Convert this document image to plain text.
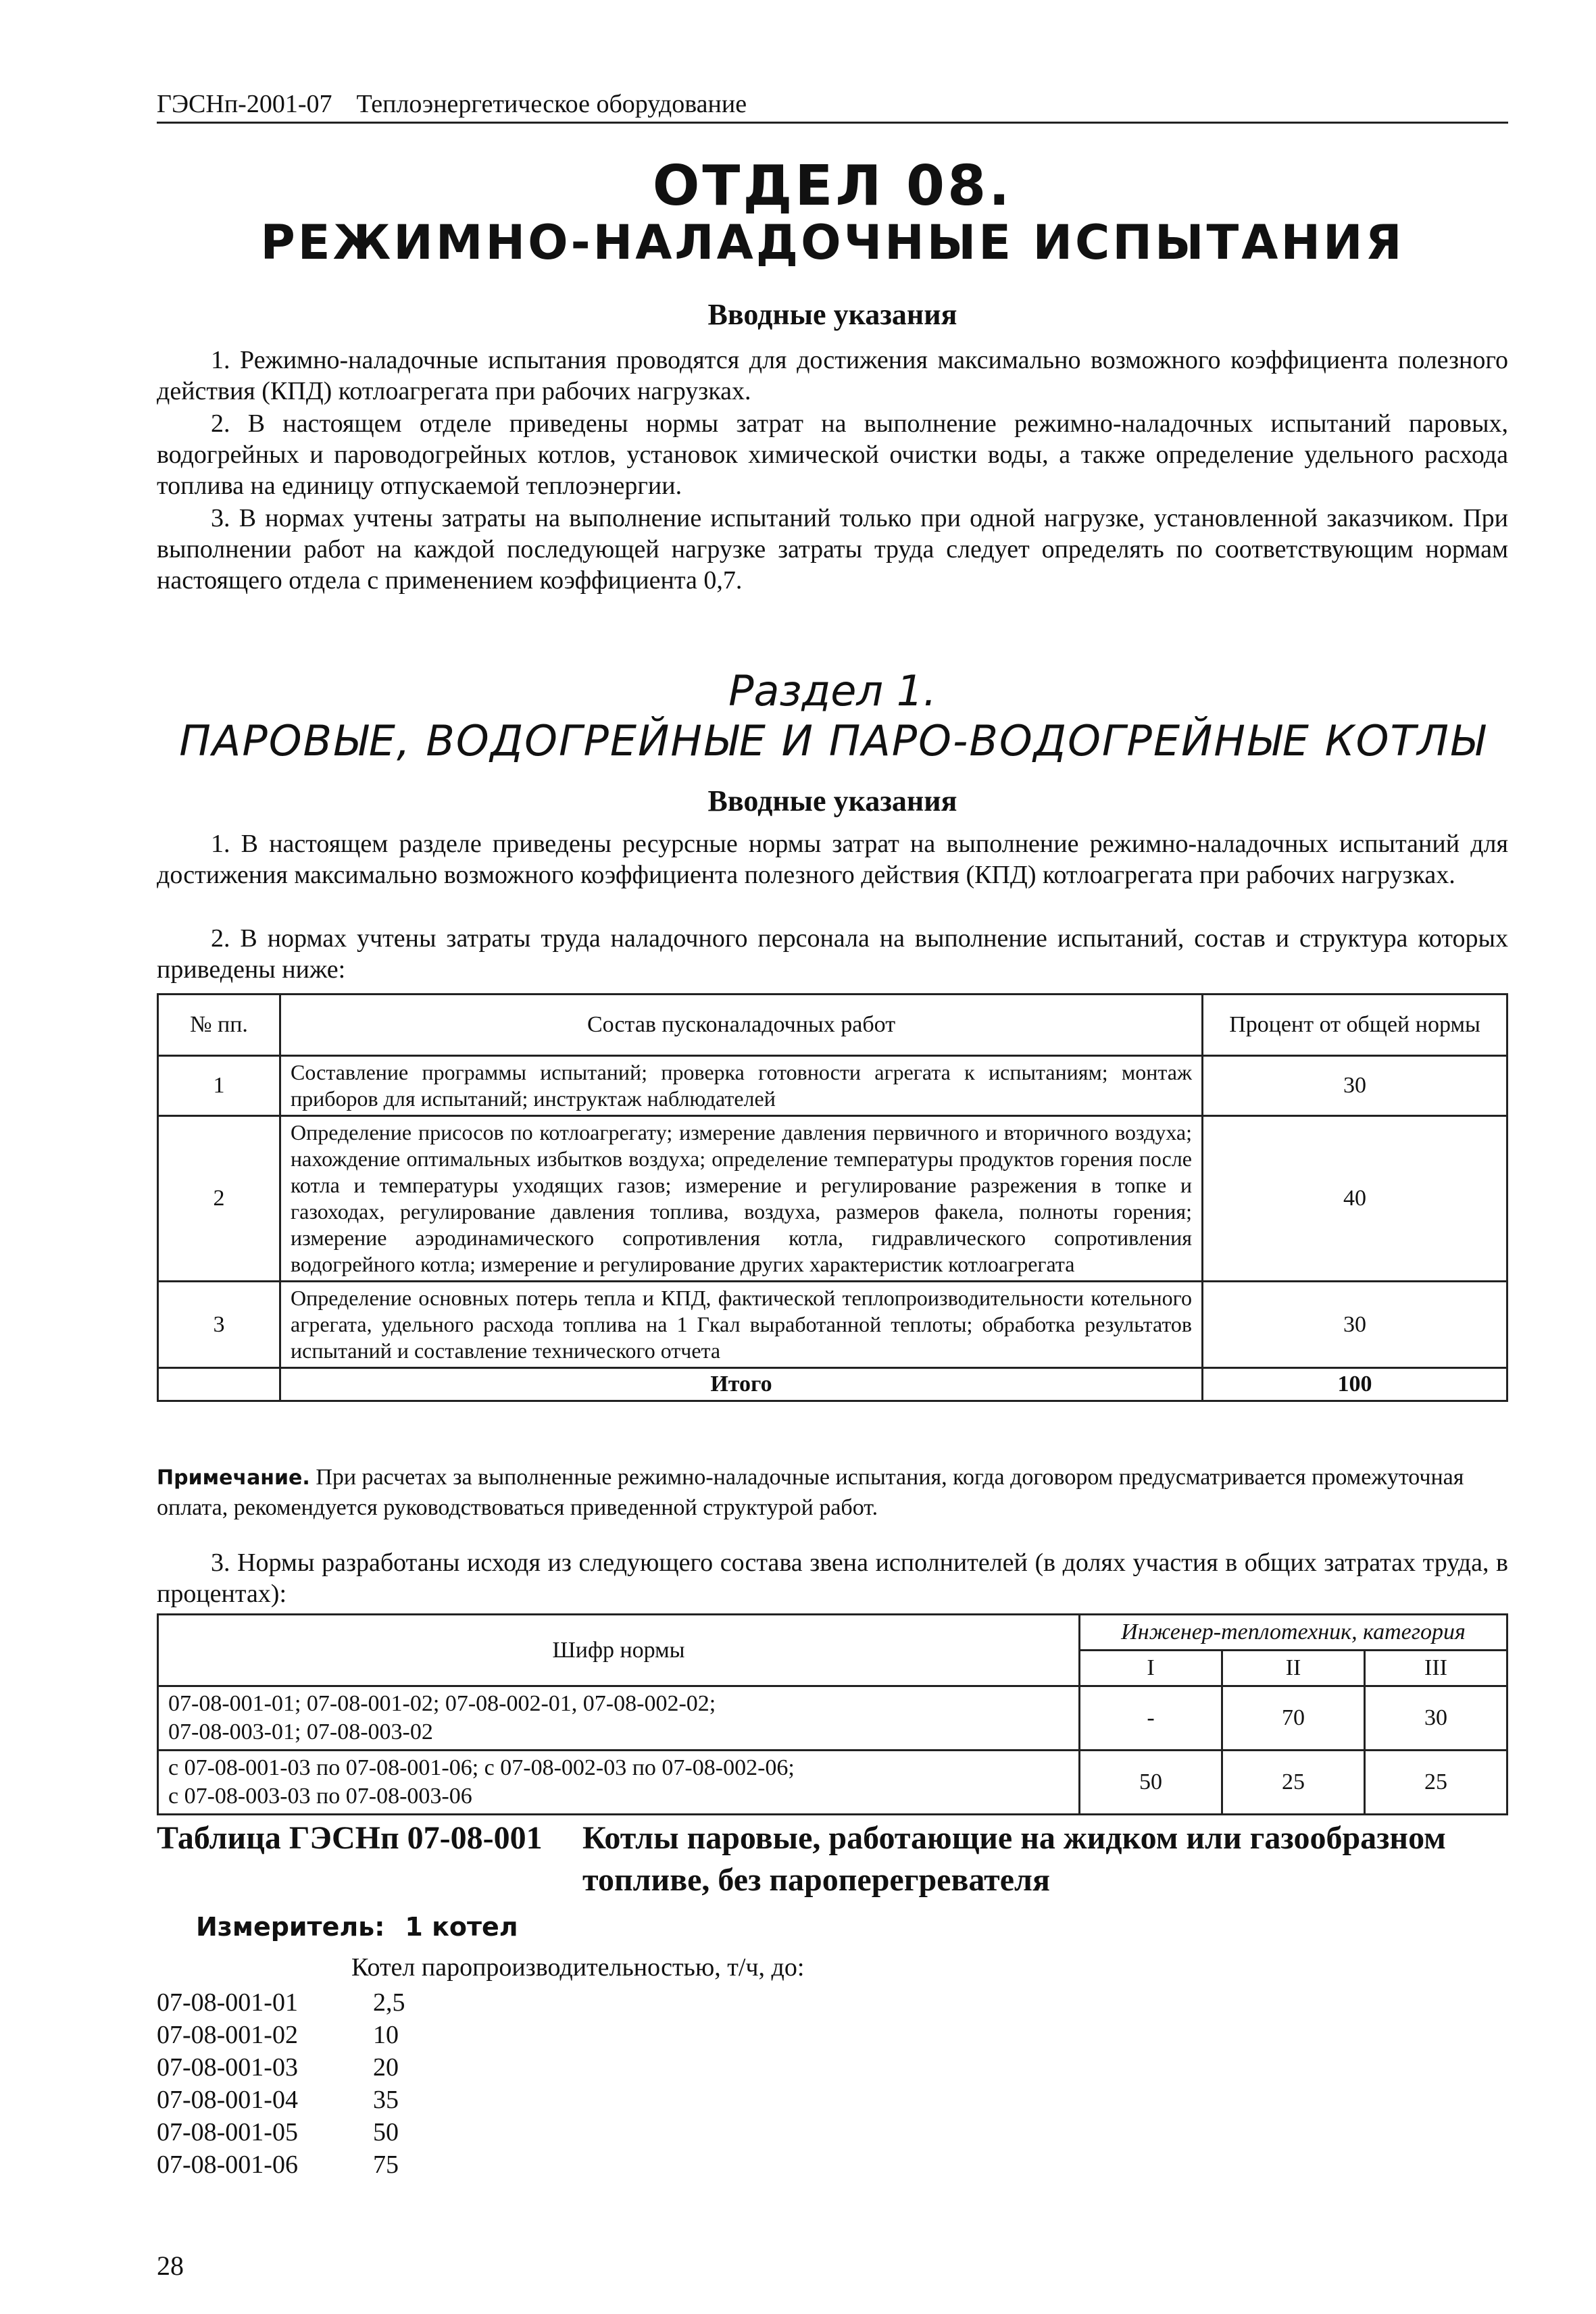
ГЭСНп-2001-07 Теплоэнергетическое оборудование
ОТДЕЛ 08.
РЕЖИМНО-НАЛАДОЧНЫЕ ИСПЫТАНИЯ
Вводные указания
1. Режимно-наладочные испытания проводятся для достижения максимально возможного коэффициента полезного действия (КПД) котлоагрегата при рабочих нагрузках.
2. В настоящем отделе приведены нормы затрат на выполнение режимно-наладочных испытаний паровых, водогрейных и пароводогрейных котлов, установок химической очистки воды, а также определение удельного расхода топлива на единицу отпускаемой теплоэнергии.
3. В нормах учтены затраты на выполнение испытаний только при одной нагрузке, установленной заказчиком. При выполнении работ на каждой последующей нагрузке затраты труда следует определять по соответствующим нормам настоящего отдела с применением коэффициента 0,7.
Раздел 1.
ПАРОВЫЕ, ВОДОГРЕЙНЫЕ И ПАРО-ВОДОГРЕЙНЫЕ КОТЛЫ
Вводные указания
1. В настоящем разделе приведены ресурсные нормы затрат на выполнение режимно-наладочных испытаний для достижения максимально возможного коэффициента полезного действия (КПД) котлоагрегата при рабочих нагрузках.
2. В нормах учтены затраты труда наладочного персонала на выполнение испытаний, состав и структура которых приведены ниже:
№ пп.	Состав пусконаладочных работ	Процент от общей нормы
1	Составление программы испытаний; проверка готовности агрегата к испытаниям; монтаж приборов для испытаний; инструктаж наблюдателей	30
2	Определение присосов по котлоагрегату; измерение давления первичного и вторичного воздуха; нахождение оптимальных избытков воздуха; определение температуры продуктов горения после котла и температуры уходящих газов; измерение и регулирование разрежения в топке и газоходах, регулирование давления топлива, воздуха, размеров факела, полноты горения; измерение аэродинамического сопротивления котла, гидравлического сопротивления водогрейного котла; измерение и регулирование других характеристик котлоагрегата	40
3	Определение основных потерь тепла и КПД, фактической теплопроизводительности котельного агрегата, удельного расхода топлива на 1 Гкал выработанной теплоты; обработка результатов испытаний и составление технического отчета	30
	Итого	100
Примечание. При расчетах за выполненные режимно-наладочные испытания, когда договором предусматривается промежуточная оплата, рекомендуется руководствоваться приведенной структурой работ.
3. Нормы разработаны исходя из следующего состава звена исполнителей (в долях участия в общих затратах труда, в процентах):
Шифр нормы	Инженер-теплотехник, категория		
	I	II	III

07-08-001-01; 07-08-001-02; 07-08-002-01, 07-08-002-02;
07-08-003-01; 07-08-003-02	-	70	30

с 07-08-001-03 по 07-08-001-06; с 07-08-002-03 по 07-08-002-06;
с 07-08-003-03 по 07-08-003-06	50	25	25
Таблица ГЭСНп 07-08-001 Котлы паровые, работающие на жидком или газообразном топливе, без пароперегревателя
Измеритель: 1 котел
Котел паропроизводительностью, т/ч, до:
07-08-001-01	2,5
07-08-001-02	10
07-08-001-03	20
07-08-001-04	35
07-08-001-05	50
07-08-001-06	75
28
